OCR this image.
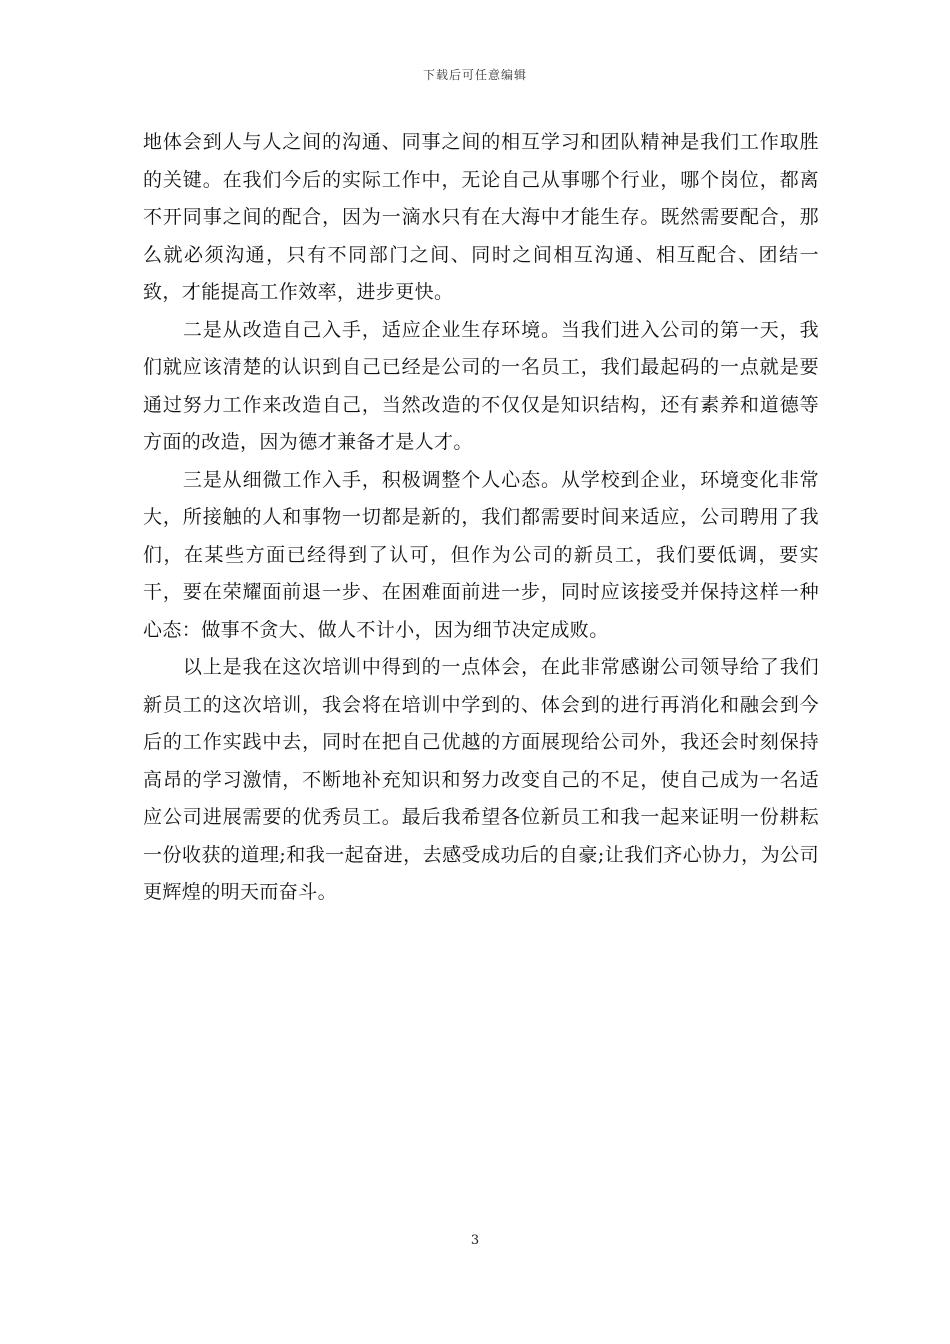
下载后可任意编辑

地体会到人与人之间的沟通、同事之间的相互学习和团队精神是我们工作取胜的关键。在我们今后的实际工作中，无论自己从事哪个行业，哪个岗位，都离不开同事之间的配合，因为一滴水只有在大海中才能生存。既然需要配合，那么就必须沟通，只有不同部门之间、同时之间相互沟通、相互配合、团结一致，才能提高工作效率，进步更快。

二是从改造自己入手，适应企业生存环境。当我们进入公司的第一天，我们就应该清楚的认识到自己已经是公司的一名员工，我们最起码的一点就是要通过努力工作来改造自己，当然改造的不仅仅是知识结构，还有素养和道德等方面的改造，因为德才兼备才是人才。

三是从细微工作入手，积极调整个人心态。从学校到企业，环境变化非常大，所接触的人和事物一切都是新的，我们都需要时间来适应，公司聘用了我们，在某些方面已经得到了认可，但作为公司的新员工，我们要低调，要实干，要在荣耀面前退一步、在困难面前进一步，同时应该接受并保持这样一种心态：做事不贪大、做人不计小，因为细节决定成败。

以上是我在这次培训中得到的一点体会，在此非常感谢公司领导给了我们新员工的这次培训，我会将在培训中学到的、体会到的进行再消化和融会到今后的工作实践中去，同时在把自己优越的方面展现给公司外，我还会时刻保持高昂的学习激情，不断地补充知识和努力改变自己的不足，使自己成为一名适应公司进展需要的优秀员工。最后我希望各位新员工和我一起来证明一份耕耘一份收获的道理;和我一起奋进，去感受成功后的自豪;让我们齐心协力，为公司更辉煌的明天而奋斗。

3
